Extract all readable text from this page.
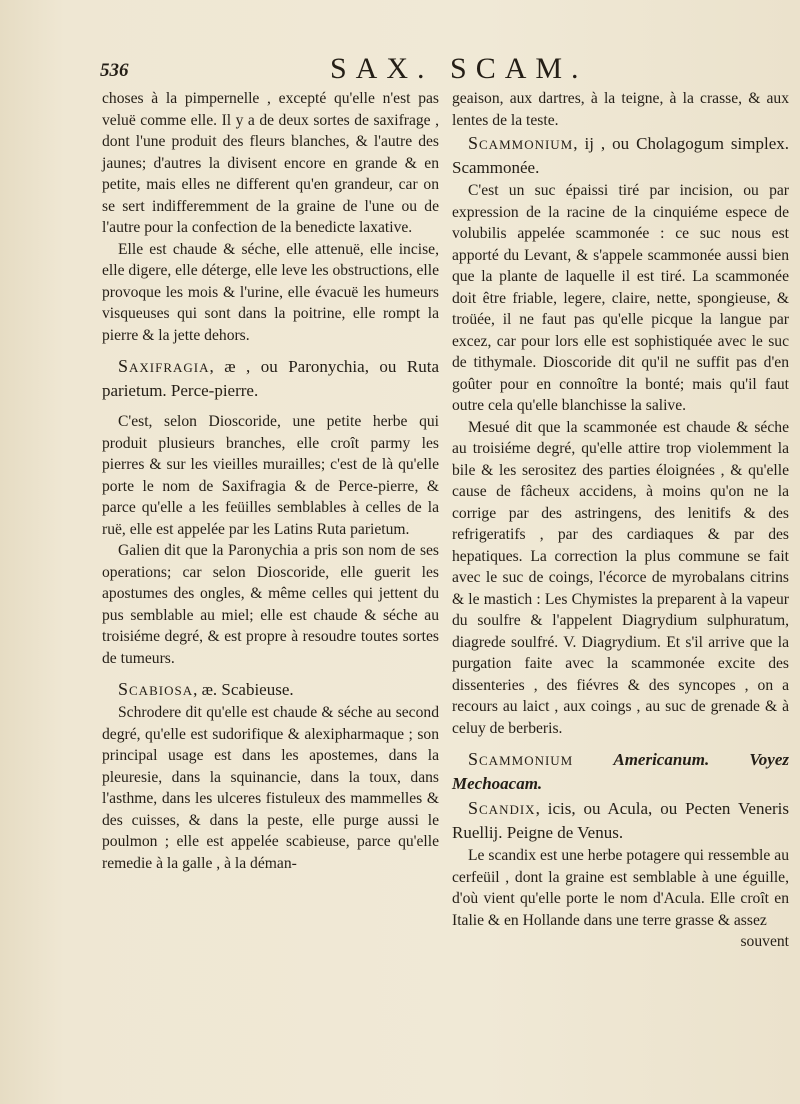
536	SAX. SCAM.

choses à la pimpernelle , excepté qu'elle n'est pas veluë comme elle. Il y a de deux sortes de saxifrage , dont l'une produit des fleurs blanches, & l'autre des jaunes; d'autres la divisent encore en grande & en petite, mais elles ne different qu'en grandeur, car on se sert indifferemment de la graine de l'une ou de l'autre pour la confection de la benedicte laxative.

Elle est chaude & séche, elle attenuë, elle incise, elle digere, elle déterge, elle leve les obstructions, elle provoque les mois & l'urine, elle évacuë les humeurs visqueuses qui sont dans la poitrine, elle rompt la pierre & la jette dehors.

Saxifragia, æ , ou Paronychia, ou Ruta parietum. Perce-pierre.

C'est, selon Dioscoride, une petite herbe qui produit plusieurs branches, elle croît parmy les pierres & sur les vieilles murailles; c'est de là qu'elle porte le nom de Saxifragia & de Perce-pierre, & parce qu'elle a les feüilles semblables à celles de la ruë, elle est appelée par les Latins Ruta parietum.

Galien dit que la Paronychia a pris son nom de ses operations; car selon Dioscoride, elle guerit les apostumes des ongles, & même celles qui jettent du pus semblable au miel; elle est chaude & séche au troisiéme degré, & est propre à resoudre toutes sortes de tumeurs.

Scabiosa, æ. Scabieuse.

Schrodere dit qu'elle est chaude & séche au second degré, qu'elle est sudorifique & alexipharmaque ; son principal usage est dans les apostemes, dans la pleuresie, dans la squinancie, dans la toux, dans l'asthme, dans les ulceres fistuleux des mammelles & des cuisses, & dans la peste, elle purge aussi le poulmon ; elle est appelée scabieuse, parce qu'elle remedie à la galle , à la déman-

geaison, aux dartres, à la teigne, à la crasse, & aux lentes de la teste.

Scammonium, ij , ou Cholagogum simplex. Scammonée.

C'est un suc épaissi tiré par incision, ou par expression de la racine de la cinquiéme espece de volubilis appelée scammonée : ce suc nous est apporté du Levant, & s'appele scammonée aussi bien que la plante de laquelle il est tiré. La scammonée doit être friable, legere, claire, nette, spongieuse, & troüée, il ne faut pas qu'elle picque la langue par excez, car pour lors elle est sophistiquée avec le suc de tithymale. Dioscoride dit qu'il ne suffit pas d'en goûter pour en connoître la bonté; mais qu'il faut outre cela qu'elle blanchisse la salive.

Mesué dit que la scammonée est chaude & séche au troisiéme degré, qu'elle attire trop violemment la bile & les serositez des parties éloignées , & qu'elle cause de fâcheux accidens, à moins qu'on ne la corrige par des astringens, des lenitifs & des refrigeratifs , par des cardiaques & par des hepatiques. La correction la plus commune se fait avec le suc de coings, l'écorce de myrobalans citrins & le mastich : Les Chymistes la preparent à la vapeur du soulfre & l'appelent Diagrydium sulphuratum, diagrede soulfré. V. Diagrydium. Et s'il arrive que la purgation faite avec la scammonée excite des dissenteries , des fiévres & des syncopes , on a recours au laict , aux coings , au suc de grenade & à celuy de berberis.

Scammonium Americanum. Voyez Mechoacam.

Scandix, icis, ou Acula, ou Pecten Veneris Ruellij. Peigne de Venus.

Le scandix est une herbe potagere qui ressemble au cerfeüil , dont la graine est semblable à une éguille, d'où vient qu'elle porte le nom d'Acula. Elle croît en Italie & en Hollande dans une terre grasse & assez

souvent
